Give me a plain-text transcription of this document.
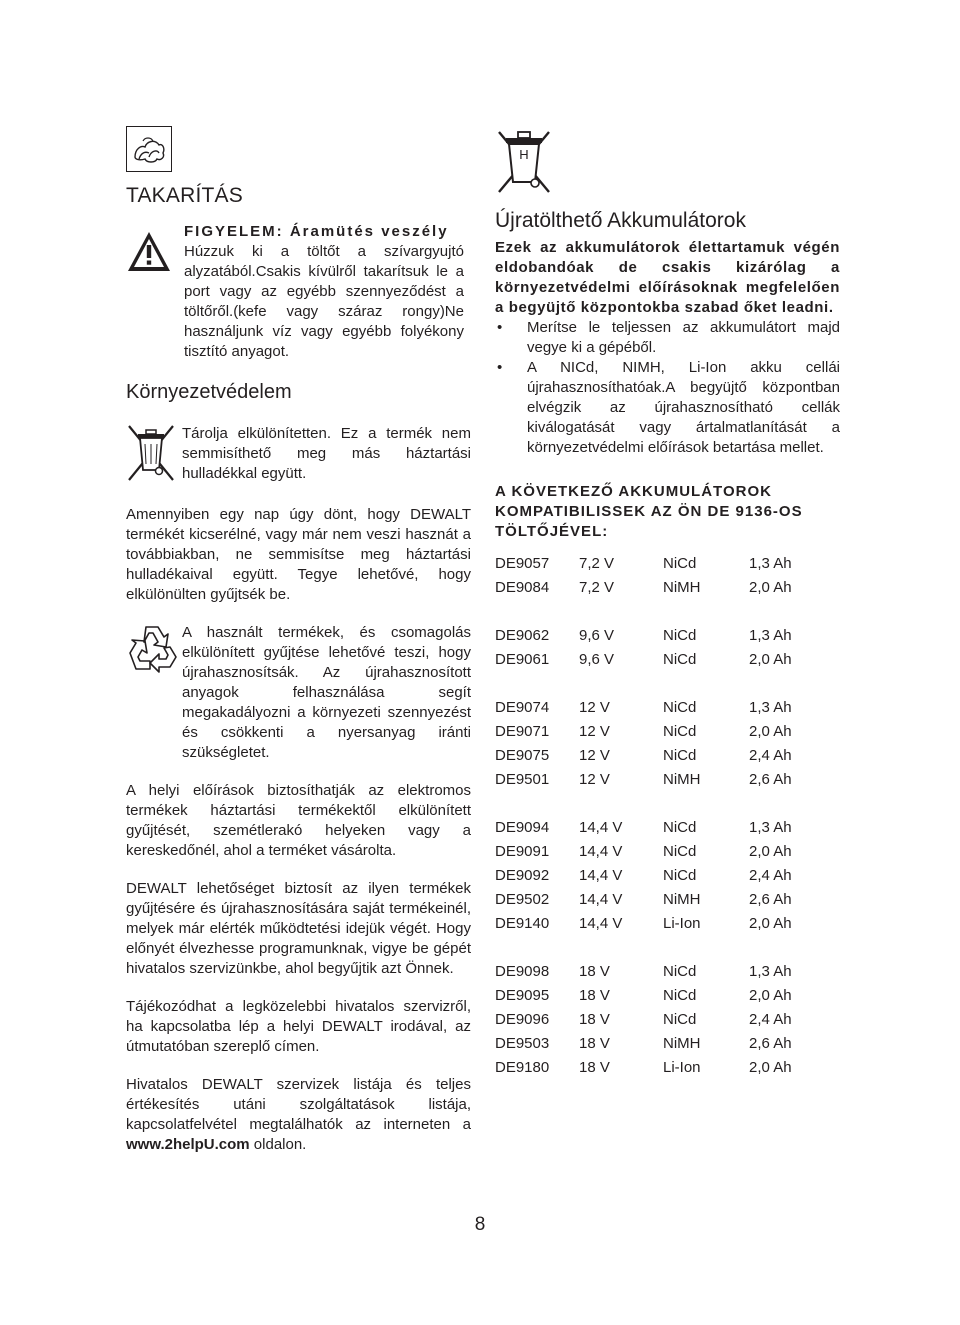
TAKARÍTÁS
FIGYELEM: Áramütés veszély

Húzzuk ki a töltőt a szívargyujtó alyzatából.Csakis kívülről takarítsuk le a port vagy az egyébb szennyeződést a töltőről.(kefe vagy száraz rongy)Ne használjunk víz vagy egyébb folyékony tisztító anyagot.

Környezetvédelem

Tárolja elkülönítetten. Ez a termék nem semmisíthető meg más háztartási hulladékkal együtt.

Amennyiben egy nap úgy dönt, hogy DEWALT termékét kicserélné, vagy már nem veszi hasznát a továbbiakban, ne semmisítse meg háztartási hulladékaival együtt. Tegye lehetővé, hogy elkülönülten gyűjtsék be.

A használt termékek, és csomagolás elkülönített gyűjtése lehetővé teszi, hogy újrahasznosítsák. Az újrahasznosított anyagok felhasználása segít megakadályozni a környezeti szennyezést és csökkenti a nyersanyag iránti szükségletet.

A helyi előírások biztosíthatják az elektromos termékek háztartási termékektől elkülönített gyűjtését, szemétlerakó helyeken vagy a kereskedőnél, ahol a terméket vásárolta.

DEWALT lehetőséget biztosít az ilyen termékek gyűjtésére és újrahasznosítására saját termékeinél, melyek már elérték működtetési idejük végét. Hogy előnyét élvezhesse programunknak, vigye be gépét hivatalos szervizünkbe, ahol begyűjtik azt Önnek.

Tájékozódhat a legközelebbi hivatalos szervizről, ha kapcsolatba lép a helyi DEWALT irodával, az útmutatóban szereplő címen.

Hivatalos DEWALT szervizek listája és teljes értékesítés utáni szolgáltatások listája, kapcsolatfelvétel megtalálhatók az interneten a www.2helpU.com oldalon.

H
Újratölthető Akkumulátorok

Ezek az akkumulátorok élettartamuk végén eldobandóak de csakis kizárólag a környezetvédelmi előírásoknak megfelelően a begyüjtő központokba szabad őket leadni.

•	Merítse le teljessen az akkumulátort majd vegye ki a gépéből.
•	A NICd, NIMH, Li-Ion akku cellái újrahasznosíthatóak.A begyüjtő központban elvégzik az újrahasznosítható cellák kiválogatását vagy ártalmatlanítását a környezetvédelmi előírások betartása mellet.
A KÖVETKEZŐ AKKUMULÁTOROK KOMPATIBILISSEK AZ ÖN DE 9136-OS TÖLTŐJÉVEL:
DE9057	7,2 V	NiCd	1,3 Ah
DE9084	7,2 V	NiMH	2,0 Ah

DE9062	9,6 V	NiCd	1,3 Ah
DE9061	9,6 V	NiCd	2,0 Ah

DE9074	12 V	NiCd	1,3 Ah
DE9071	12 V	NiCd	2,0 Ah
DE9075	12 V	NiCd	2,4 Ah
DE9501	12 V	NiMH	2,6 Ah

DE9094	14,4 V	NiCd	1,3 Ah
DE9091	14,4 V	NiCd	2,0 Ah
DE9092	14,4 V	NiCd	2,4 Ah
DE9502	14,4 V	NiMH	2,6 Ah
DE9140	14,4 V	Li-Ion	2,0 Ah

DE9098	18 V	NiCd	1,3 Ah
DE9095	18 V	NiCd	2,0 Ah
DE9096	18 V	NiCd	2,4 Ah
DE9503	18 V	NiMH	2,6 Ah
DE9180	18 V	Li-Ion	2,0 Ah
8
